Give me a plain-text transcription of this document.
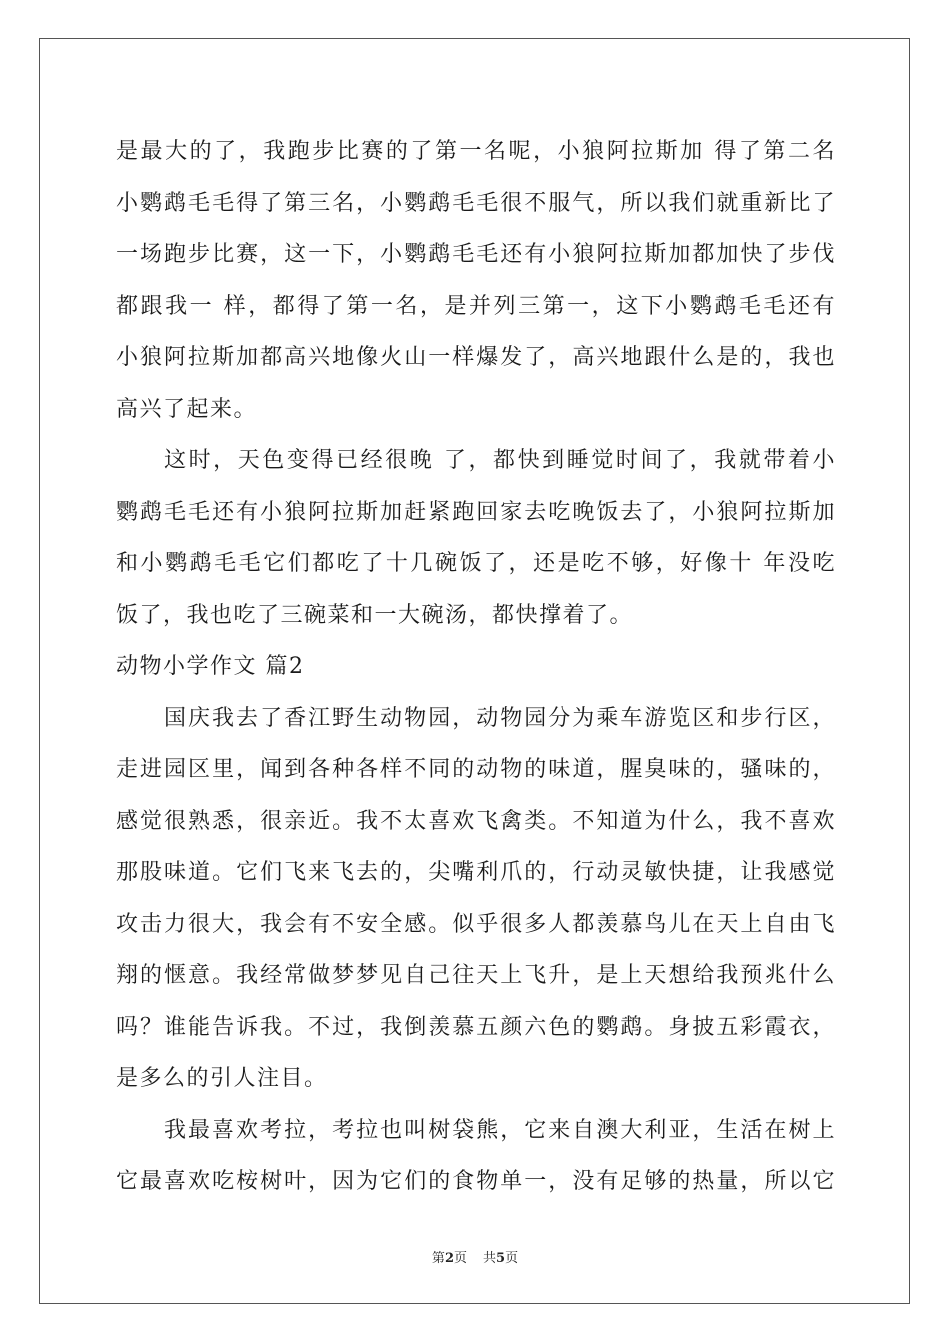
是最大的了，我跑步比赛的了第一名呢，小狼阿拉斯加 得了第二名
小鹦鹉毛毛得了第三名，小鹦鹉毛毛很不服气，所以我们就重新比了
一场跑步比赛，这一下，小鹦鹉毛毛还有小狼阿拉斯加都加快了步伐
都跟我一 样，都得了第一名，是并列三第一，这下小鹦鹉毛毛还有
小狼阿拉斯加都高兴地像火山一样爆发了，高兴地跟什么是的，我也
高兴了起来。
这时，天色变得已经很晚 了，都快到睡觉时间了，我就带着小
鹦鹉毛毛还有小狼阿拉斯加赶紧跑回家去吃晚饭去了，小狼阿拉斯加
和小鹦鹉毛毛它们都吃了十几碗饭了，还是吃不够，好像十 年没吃
饭了，我也吃了三碗菜和一大碗汤，都快撑着了。
动物小学作文 篇2
国庆我去了香江野生动物园，动物园分为乘车游览区和步行区，
走进园区里，闻到各种各样不同的动物的味道，腥臭味的，骚味的，
感觉很熟悉，很亲近。我不太喜欢飞禽类。不知道为什么，我不喜欢
那股味道。它们飞来飞去的，尖嘴利爪的，行动灵敏快捷，让我感觉
攻击力很大，我会有不安全感。似乎很多人都羡慕鸟儿在天上自由飞
翔的惬意。我经常做梦梦见自己往天上飞升，是上天想给我预兆什么
吗？谁能告诉我。不过，我倒羡慕五颜六色的鹦鹉。身披五彩霞衣，
是多么的引人注目。
我最喜欢考拉，考拉也叫树袋熊，它来自澳大利亚，生活在树上
它最喜欢吃桉树叶，因为它们的食物单一，没有足够的热量，所以它
第2页 共5页
